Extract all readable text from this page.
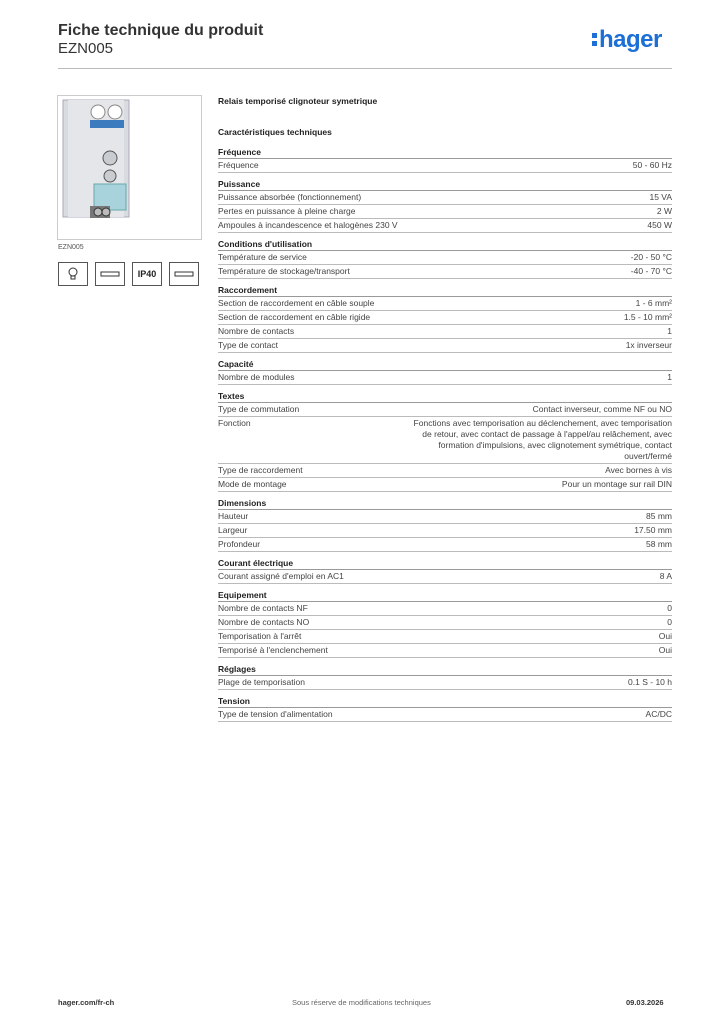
Fiche technique du produit
EZN005	hager
EZN005
IP40
Relais temporisé clignoteur symetrique
Caractéristiques techniques
Fréquence
Fréquence	50 - 60 Hz
Puissance
Puissance absorbée (fonctionnement)	15 VA
Pertes en puissance à pleine charge	2 W
Ampoules à incandescence et halogènes 230 V	450 W
Conditions d'utilisation
Température de service	-20 - 50 °C
Température de stockage/transport	-40 - 70 °C
Raccordement
Section de raccordement en câble souple	1 - 6 mm²
Section de raccordement en câble rigide	1.5 - 10 mm²
Nombre de contacts	1
Type de contact	1x inverseur
Capacité
Nombre de modules	1
Textes
Type de commutation	Contact inverseur, comme NF ou NO
Fonction	Fonctions avec temporisation au déclenchement, avec temporisation de retour, avec contact de passage à l'appel/au relâchement, avec formation d'impulsions, avec clignotement symétrique, contact ouvert/fermé
Type de raccordement	Avec bornes à vis
Mode de montage	Pour un montage sur rail DIN
Dimensions
Hauteur	85 mm
Largeur	17.50 mm
Profondeur	58 mm
Courant électrique
Courant assigné d'emploi en AC1	8 A
Equipement
Nombre de contacts NF	0
Nombre de contacts NO	0
Temporisation à l'arrêt	Oui
Temporisé à l'enclenchement	Oui
Réglages
Plage de temporisation	0.1 S - 10 h
Tension
Type de tension d'alimentation	AC/DC
hager.com/fr-ch	Sous réserve de modifications techniques	09.03.2026
